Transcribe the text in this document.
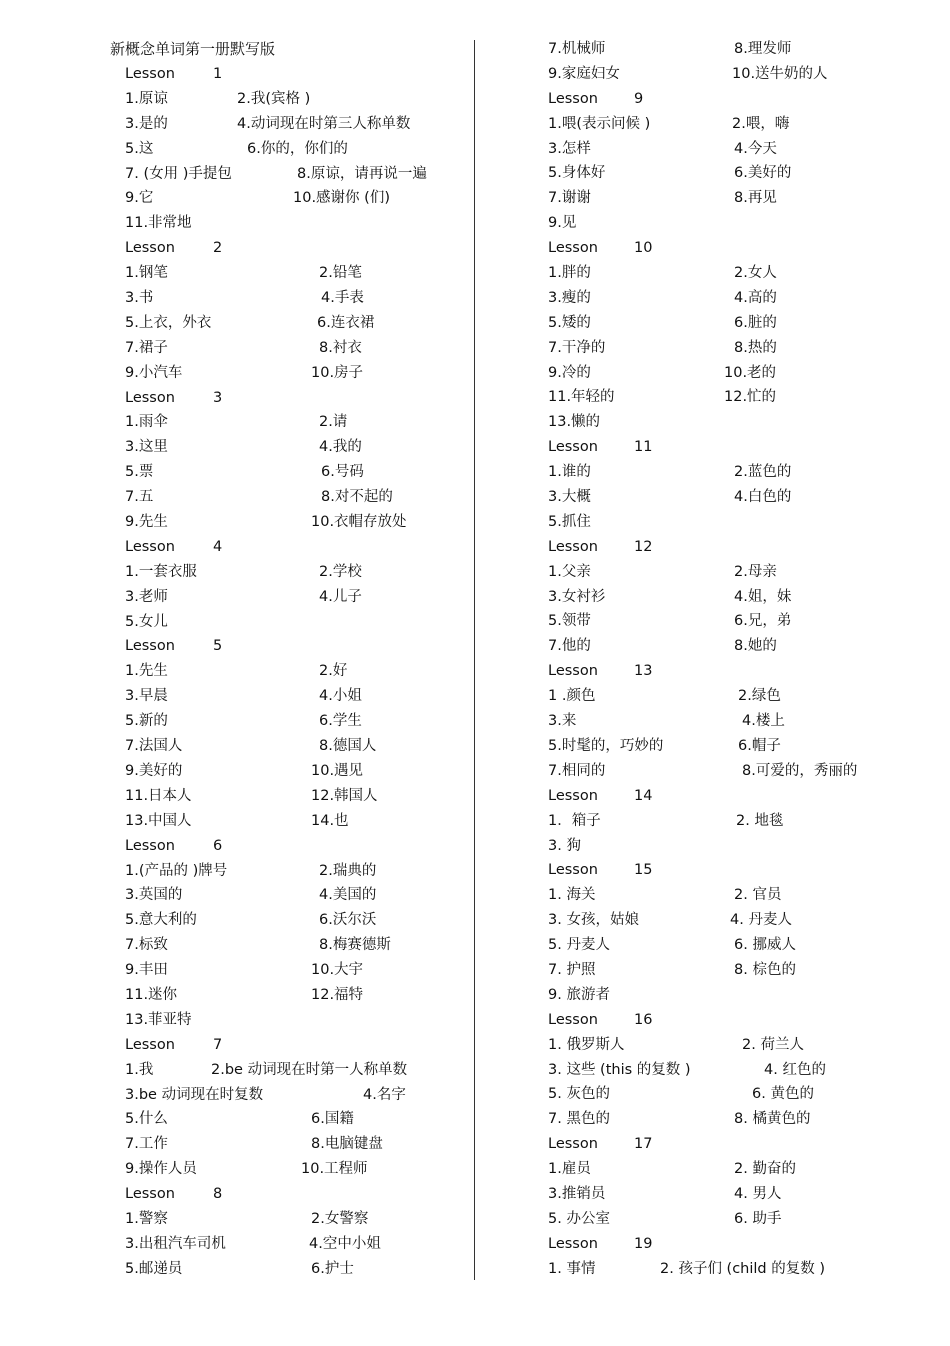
新概念单词第一册默写版
Lesson	1
1.原谅	2.我(宾格 )
3.是的	4.动词现在时第三人称单数
5.这	6.你的，你们的
7. (女用 )手提包	8.原谅，请再说一遍
9.它	10.感谢你 (们)
11.非常地
Lesson	2
1.钢笔	2.铅笔
3.书	4.手表
5.上衣，外衣	6.连衣裙
7.裙子	8.衬衣
9.小汽车	10.房子
Lesson	3
1.雨伞	2.请
3.这里	4.我的
5.票	6.号码
7.五	8.对不起的
9.先生	10.衣帽存放处
Lesson	4
1.一套衣服	2.学校
3.老师	4.儿子
5.女儿
Lesson	5
1.先生	2.好
3.早晨	4.小姐
5.新的	6.学生
7.法国人	8.德国人
9.美好的	10.遇见
11.日本人	12.韩国人
13.中国人	14.也
Lesson	6
1.(产品的 )牌号	2.瑞典的
3.英国的	4.美国的
5.意大利的	6.沃尔沃
7.标致	8.梅赛德斯
9.丰田	10.大宇
11.迷你	12.福特
13.菲亚特
Lesson	7
1.我	2.be 动词现在时第一人称单数
3.be 动词现在时复数	4.名字
5.什么	6.国籍
7.工作	8.电脑键盘
9.操作人员	10.工程师
Lesson	8
1.警察	2.女警察
3.出租汽车司机	4.空中小姐
5.邮递员	6.护士
7.机械师	8.理发师
9.家庭妇女	10.送牛奶的人
Lesson 9
1.喂(表示问候 )	2.喂，嗨
3.怎样	4.今天
5.身体好	6.美好的
7.谢谢	8.再见
9.见
Lesson 10
1.胖的	2.女人
3.瘦的	4.高的
5.矮的	6.脏的
7.干净的	8.热的
9.冷的	10.老的
11.年轻的	12.忙的
13.懒的
Lesson 11
1.谁的	2.蓝色的
3.大概	4.白色的
5.抓住
Lesson 12
1.父亲	2.母亲
3.女衬衫	4.姐，妹
5.领带	6.兄，弟
7.他的	8.她的
Lesson 13
1 .颜色	2.绿色
3.来	4.楼上
5.时髦的，巧妙的	6.帽子
7.相同的	8.可爱的，秀丽的
Lesson 14
1．箱子	2. 地毯
3. 狗
Lesson 15
1. 海关	2. 官员
3. 女孩，姑娘	4. 丹麦人
5. 丹麦人	6. 挪威人
7. 护照	8. 棕色的
9. 旅游者
Lesson 16
1. 俄罗斯人	2. 荷兰人
3. 这些 (this 的复数 )	4. 红色的
5. 灰色的	6. 黄色的
7. 黑色的	8. 橘黄色的
Lesson 17
1.雇员	2. 勤奋的
3.推销员	4. 男人
5. 办公室	6. 助手
Lesson 19
1. 事情	2. 孩子们 (child 的复数 )
